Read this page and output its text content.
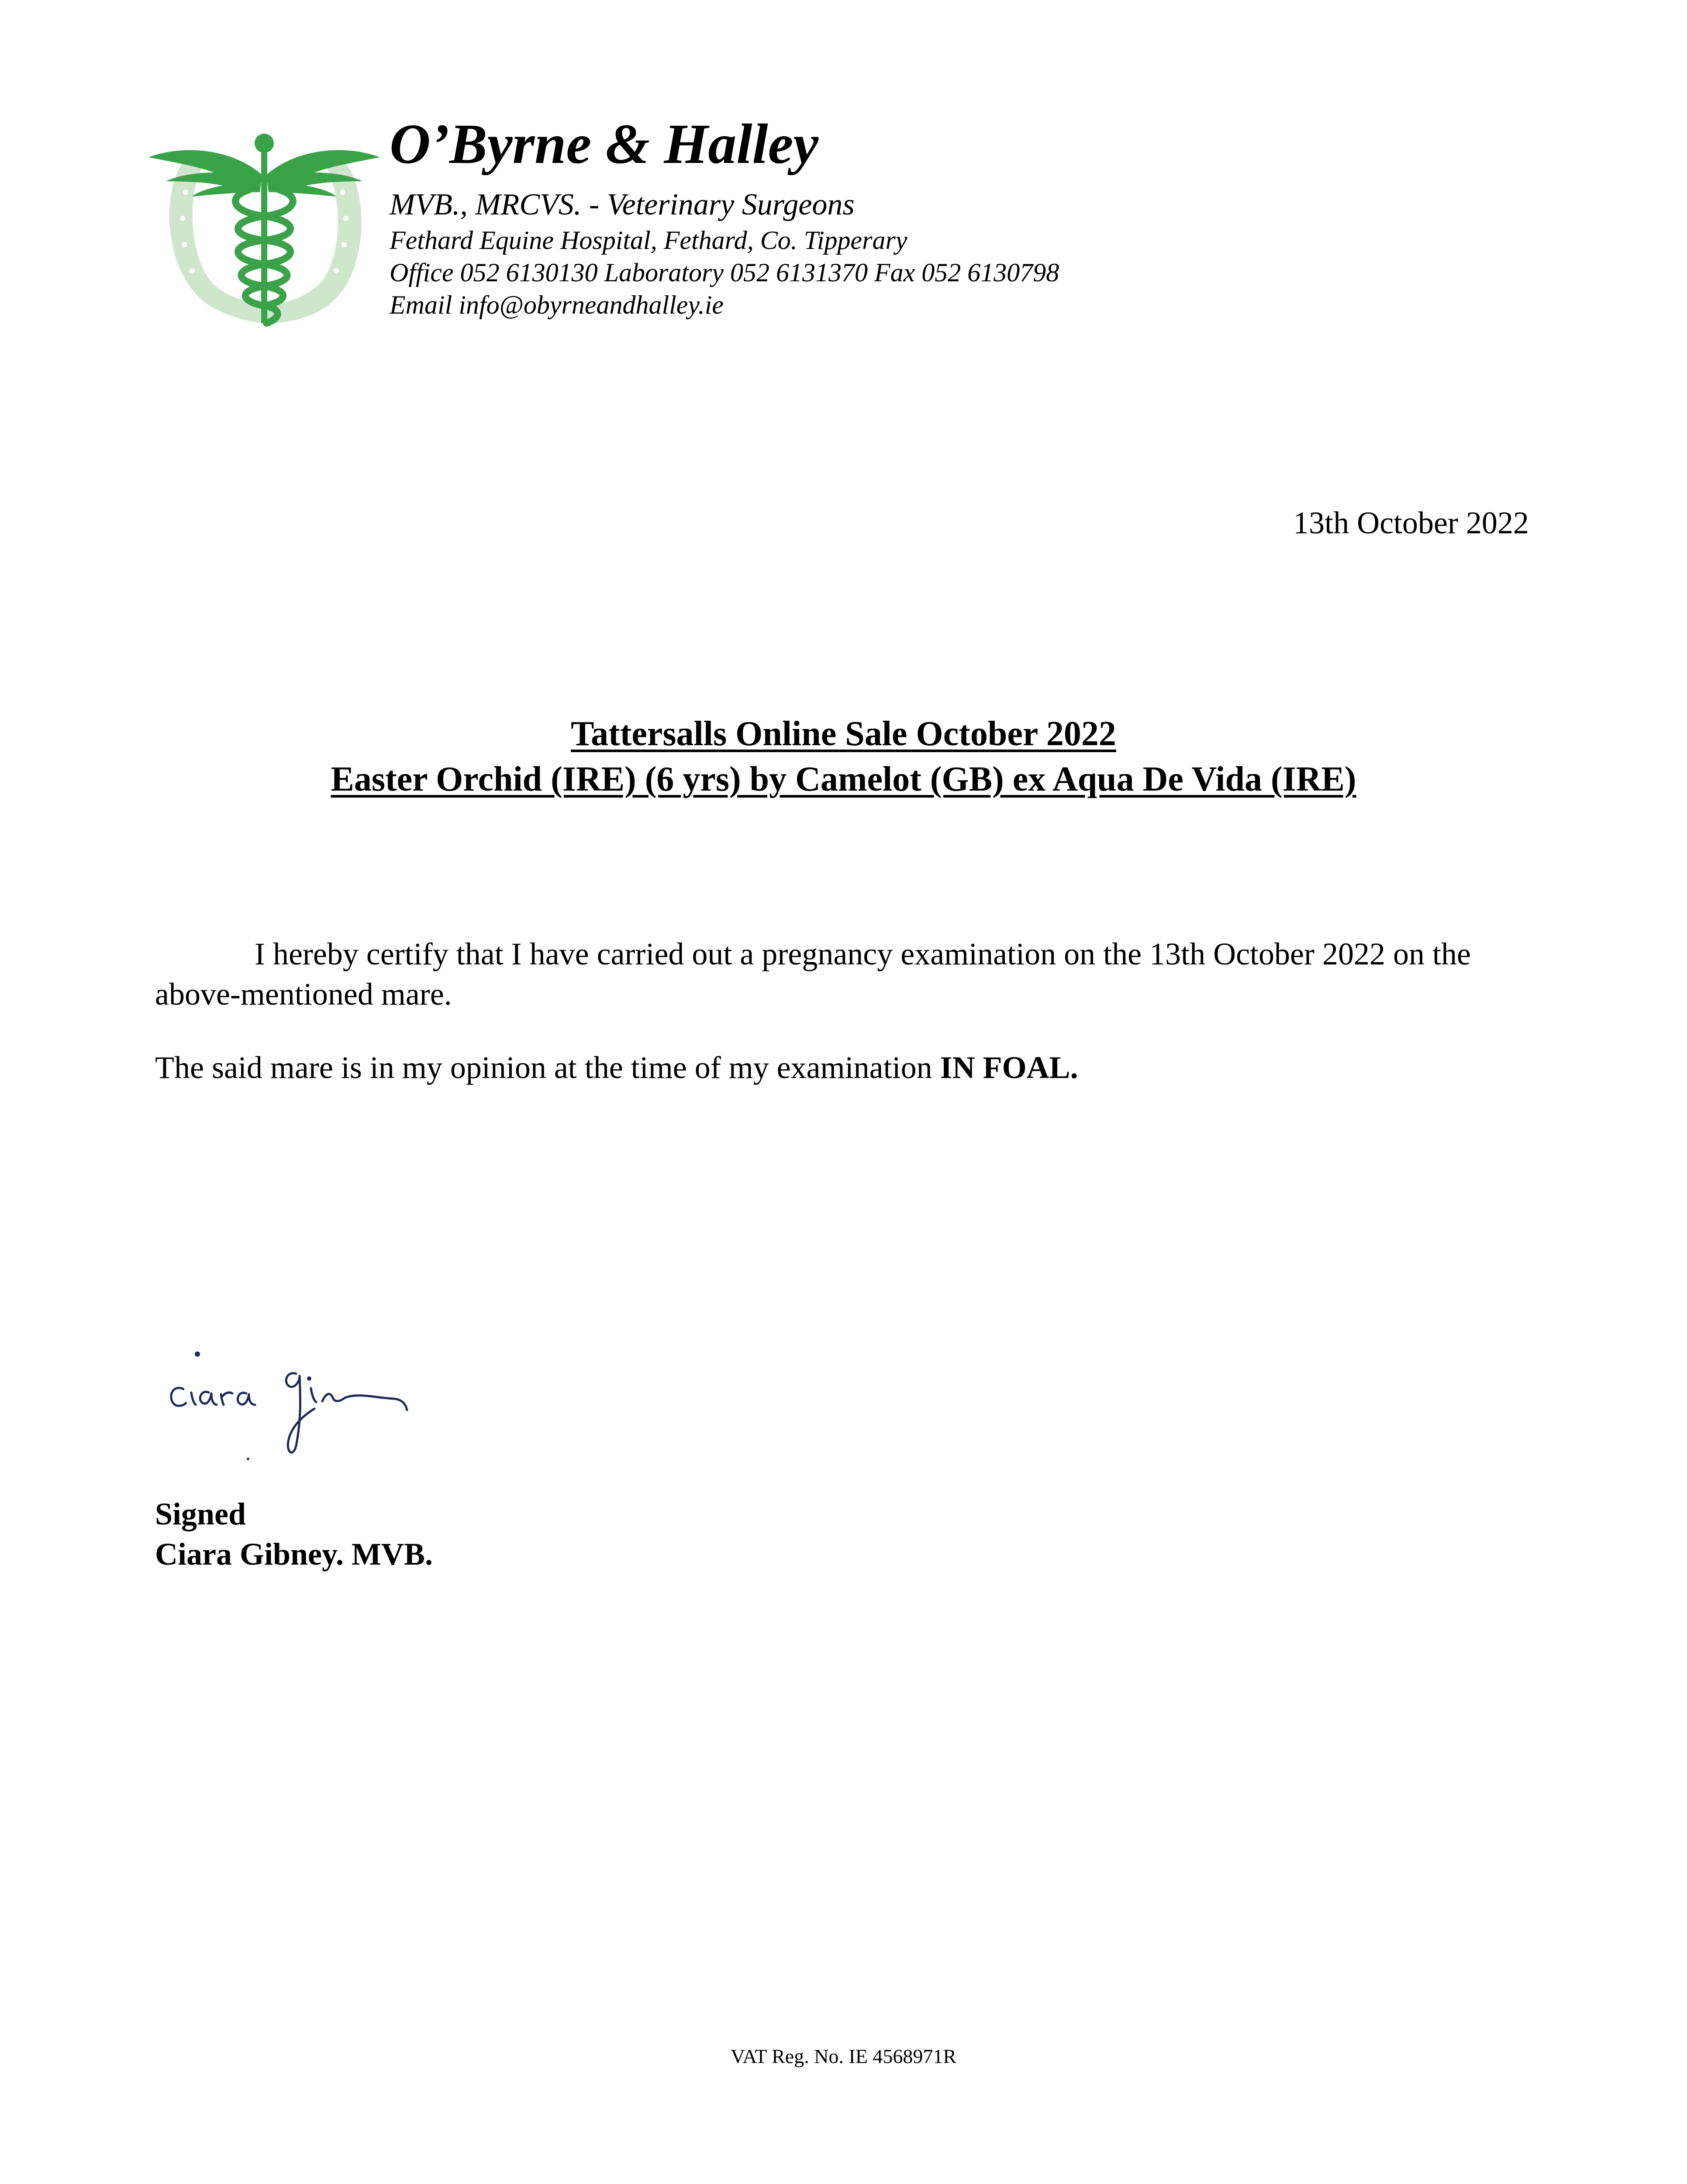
O’Byrne & Halley

MVB., MRCVS. - Veterinary Surgeons

Fethard Equine Hospital, Fethard, Co. Tipperary

Office 052 6130130 Laboratory 052 6131370 Fax 052 6130798

Email info@obyrneandhalley.ie

13th October 2022
Tattersalls Online Sale October 2022
Easter Orchid (IRE) (6 yrs) by Camelot (GB) ex Aqua De Vida (IRE)

I hereby certify that I have carried out a pregnancy examination on the 13th October 2022 on the above-mentioned mare.

The said mare is in my opinion at the time of my examination IN FOAL.

Signed
Ciara Gibney. MVB.
VAT Reg. No. IE 4568971R
